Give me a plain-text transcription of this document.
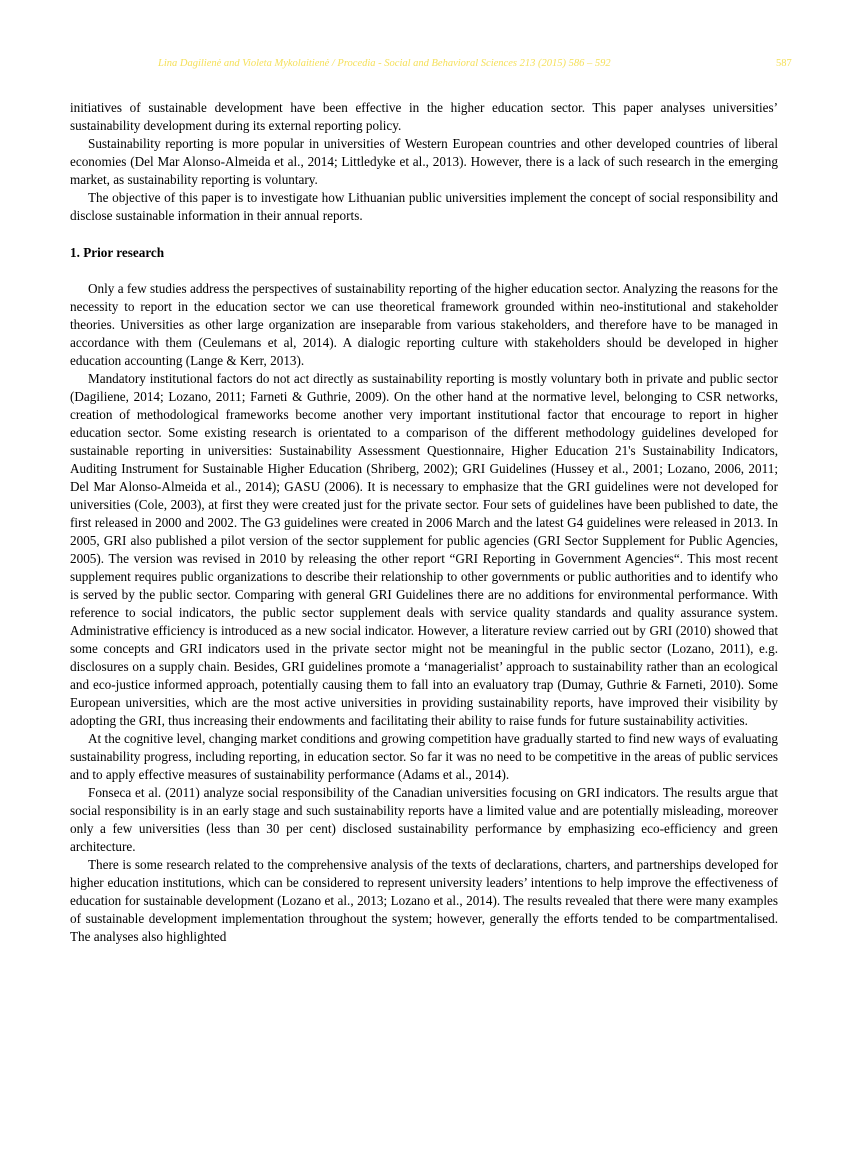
Lina Dagilienė and Violeta Mykolaitienė / Procedia - Social and Behavioral Sciences 213 (2015) 586 – 592	587

initiatives of sustainable development have been effective in the higher education sector. This paper analyses universities’ sustainability development during its external reporting policy.

Sustainability reporting is more popular in universities of Western European countries and other developed countries of liberal economies (Del Mar Alonso-Almeida et al., 2014; Littledyke et al., 2013). However, there is a lack of such research in the emerging market, as sustainability reporting is voluntary.

The objective of this paper is to investigate how Lithuanian public universities implement the concept of social responsibility and disclose sustainable information in their annual reports.

1. Prior research

Only a few studies address the perspectives of sustainability reporting of the higher education sector. Analyzing the reasons for the necessity to report in the education sector we can use theoretical framework grounded within neo-institutional and stakeholder theories. Universities as other large organization are inseparable from various stakeholders, and therefore have to be managed in accordance with them (Ceulemans et al, 2014). A dialogic reporting culture with stakeholders should be developed in higher education accounting (Lange & Kerr, 2013).

Mandatory institutional factors do not act directly as sustainability reporting is mostly voluntary both in private and public sector (Dagiliene, 2014; Lozano, 2011; Farneti & Guthrie, 2009). On the other hand at the normative level, belonging to CSR networks, creation of methodological frameworks become another very important institutional factor that encourage to report in higher education sector. Some existing research is orientated to a comparison of the different methodology guidelines developed for sustainable reporting in universities: Sustainability Assessment Questionnaire, Higher Education 21's Sustainability Indicators, Auditing Instrument for Sustainable Higher Education (Shriberg, 2002); GRI Guidelines (Hussey et al., 2001; Lozano, 2006, 2011; Del Mar Alonso-Almeida et al., 2014); GASU (2006). It is necessary to emphasize that the GRI guidelines were not developed for universities (Cole, 2003), at first they were created just for the private sector. Four sets of guidelines have been published to date, the first released in 2000 and 2002. The G3 guidelines were created in 2006 March and the latest G4 guidelines were released in 2013. In 2005, GRI also published a pilot version of the sector supplement for public agencies (GRI Sector Supplement for Public Agencies, 2005). The version was revised in 2010 by releasing the other report “GRI Reporting in Government Agencies“. This most recent supplement requires public organizations to describe their relationship to other governments or public authorities and to identify who is served by the public sector. Comparing with general GRI Guidelines there are no additions for environmental performance. With reference to social indicators, the public sector supplement deals with service quality standards and quality assurance system. Administrative efficiency is introduced as a new social indicator. However, a literature review carried out by GRI (2010) showed that some concepts and GRI indicators used in the private sector might not be meaningful in the public sector (Lozano, 2011), e.g. disclosures on a supply chain. Besides, GRI guidelines promote a ‘managerialist’ approach to sustainability rather than an ecological and eco-justice informed approach, potentially causing them to fall into an evaluatory trap (Dumay, Guthrie & Farneti, 2010). Some European universities, which are the most active universities in providing sustainability reports, have improved their visibility by adopting the GRI, thus increasing their endowments and facilitating their ability to raise funds for future sustainability activities.

At the cognitive level, changing market conditions and growing competition have gradually started to find new ways of evaluating sustainability progress, including reporting, in education sector. So far it was no need to be competitive in the areas of public services and to apply effective measures of sustainability performance (Adams et al., 2014).

Fonseca et al. (2011) analyze social responsibility of the Canadian universities focusing on GRI indicators. The results argue that social responsibility is in an early stage and such sustainability reports have a limited value and are potentially misleading, moreover only a few universities (less than 30 per cent) disclosed sustainability performance by emphasizing eco-efficiency and green architecture.

There is some research related to the comprehensive analysis of the texts of declarations, charters, and partnerships developed for higher education institutions, which can be considered to represent university leaders’ intentions to help improve the effectiveness of education for sustainable development (Lozano et al., 2013; Lozano et al., 2014). The results revealed that there were many examples of sustainable development implementation throughout the system; however, generally the efforts tended to be compartmentalised. The analyses also highlighted
